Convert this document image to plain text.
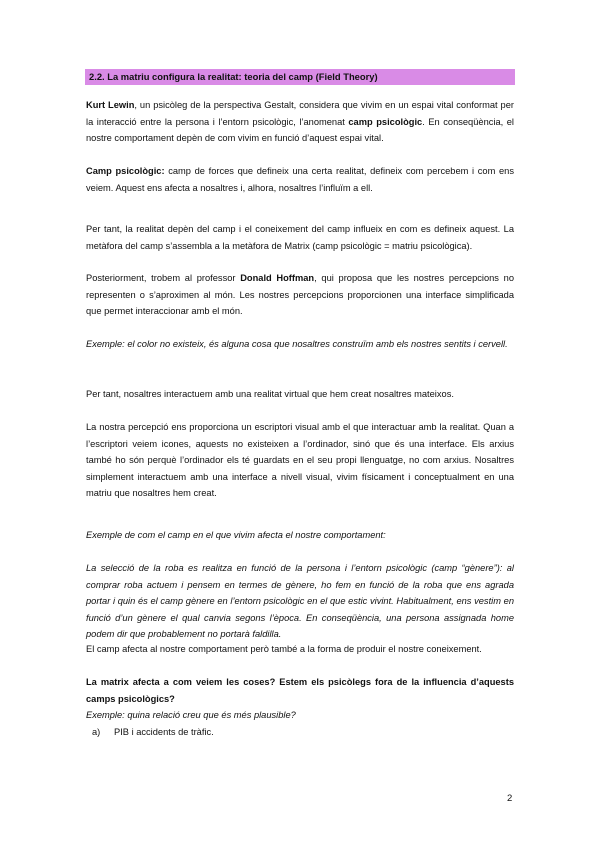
2.2. La matriu configura la realitat: teoria del camp (Field Theory)

Kurt Lewin, un psicòleg de la perspectiva Gestalt, considera que vivim en un espai vital conformat per la interacció entre la persona i l’entorn psicològic, l’anomenat camp psicològic. En conseqüència, el nostre comportament depèn de com vivim en funció d’aquest espai vital.

Camp psicològic: camp de forces que defineix una certa realitat, defineix com percebem i com ens veiem. Aquest ens afecta a nosaltres i, alhora, nosaltres l’influïm a ell.

Per tant, la realitat depèn del camp i el coneixement del camp influeix en com es defineix aquest. La metàfora del camp s’assembla a la metàfora de Matrix (camp psicològic = matriu psicològica).

Posteriorment, trobem al professor Donald Hoffman, qui proposa que les nostres percepcions no representen o s’aproximen al món. Les nostres percepcions proporcionen una interface simplificada que permet interaccionar amb el món.

Exemple: el color no existeix, és alguna cosa que nosaltres construïm amb els nostres sentits i cervell.

Per tant, nosaltres interactuem amb una realitat virtual que hem creat nosaltres mateixos.

La nostra percepció ens proporciona un escriptori visual amb el que interactuar amb la realitat. Quan a l’escriptori veiem icones, aquests no existeixen a l’ordinador, sinó que és una interface. Els arxius també ho són perquè l’ordinador els té guardats en el seu propi llenguatge, no com arxius. Nosaltres simplement interactuem amb una interface a nivell visual, vivim físicament i conceptualment en una matriu que nosaltres hem creat.

Exemple de com el camp en el que vivim afecta el nostre comportament:

La selecció de la roba es realitza en funció de la persona i l’entorn psicològic (camp “gènere”): al comprar roba actuem i pensem en termes de gènere, ho fem en funció de la roba que ens agrada portar i quin és el camp gènere en l’entorn psicològic en el que estic vivint. Habitualment, ens vestim en funció d’un gènere el qual canvia segons l’època. En conseqüència, una persona assignada home podem dir que probablement no portarà faldilla.

El camp afecta al nostre comportament però també a la forma de produir el nostre coneixement.

La matrix afecta a com veiem les coses? Estem els psicòlegs fora de la influencia d’aquests camps psicològics?

Exemple: quina relació creu que és més plausible?

a) PIB i accidents de tràfic.
2
